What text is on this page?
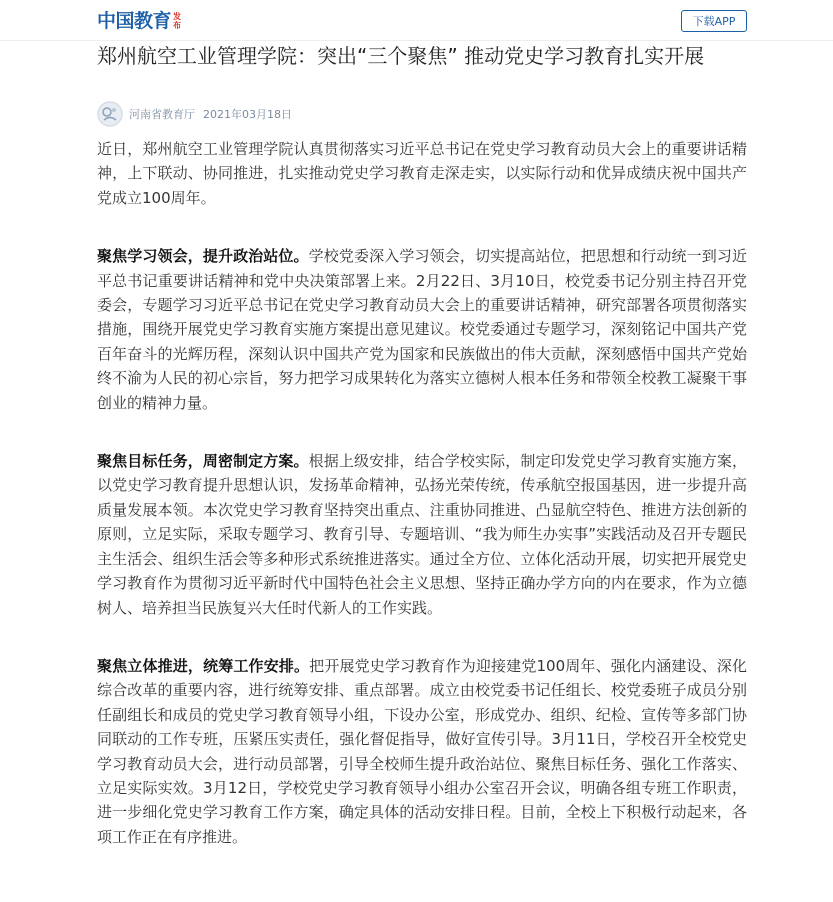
中国教育 发布	下载APP
郑州航空工业管理学院：突出“三个聚焦” 推动党史学习教育扎实开展
河南省教育厅 2021年03月18日

近日，郑州航空工业管理学院认真贯彻落实习近平总书记在党史学习教育动员大会上的重要讲话精神，上下联动、协同推进，扎实推动党史学习教育走深走实，以实际行动和优异成绩庆祝中国共产党成立100周年。

聚焦学习领会，提升政治站位。学校党委深入学习领会，切实提高站位，把思想和行动统一到习近平总书记重要讲话精神和党中央决策部署上来。2月22日、3月10日，校党委书记分别主持召开党委会，专题学习习近平总书记在党史学习教育动员大会上的重要讲话精神，研究部署各项贯彻落实措施，围绕开展党史学习教育实施方案提出意见建议。校党委通过专题学习，深刻铭记中国共产党百年奋斗的光辉历程，深刻认识中国共产党为国家和民族做出的伟大贡献，深刻感悟中国共产党始终不渝为人民的初心宗旨，努力把学习成果转化为落实立德树人根本任务和带领全校教工凝聚干事创业的精神力量。

聚焦目标任务，周密制定方案。根据上级安排，结合学校实际，制定印发党史学习教育实施方案，以党史学习教育提升思想认识，发扬革命精神，弘扬光荣传统，传承航空报国基因，进一步提升高质量发展本领。本次党史学习教育坚持突出重点、注重协同推进、凸显航空特色、推进方法创新的原则，立足实际，采取专题学习、教育引导、专题培训、“我为师生办实事”实践活动及召开专题民主生活会、组织生活会等多种形式系统推进落实。通过全方位、立体化活动开展，切实把开展党史学习教育作为贯彻习近平新时代中国特色社会主义思想、坚持正确办学方向的内在要求，作为立德树人、培养担当民族复兴大任时代新人的工作实践。

聚焦立体推进，统筹工作安排。把开展党史学习教育作为迎接建党100周年、强化内涵建设、深化综合改革的重要内容，进行统筹安排、重点部署。成立由校党委书记任组长、校党委班子成员分别任副组长和成员的党史学习教育领导小组，下设办公室，形成党办、组织、纪检、宣传等多部门协同联动的工作专班，压紧压实责任，强化督促指导，做好宣传引导。3月11日，学校召开全校党史学习教育动员大会，进行动员部署，引导全校师生提升政治站位、聚焦目标任务、强化工作落实、立足实际实效。3月12日，学校党史学习教育领导小组办公室召开会议，明确各组专班工作职责，进一步细化党史学习教育工作方案，确定具体的活动安排日程。目前，全校上下积极行动起来，各项工作正在有序推进。
